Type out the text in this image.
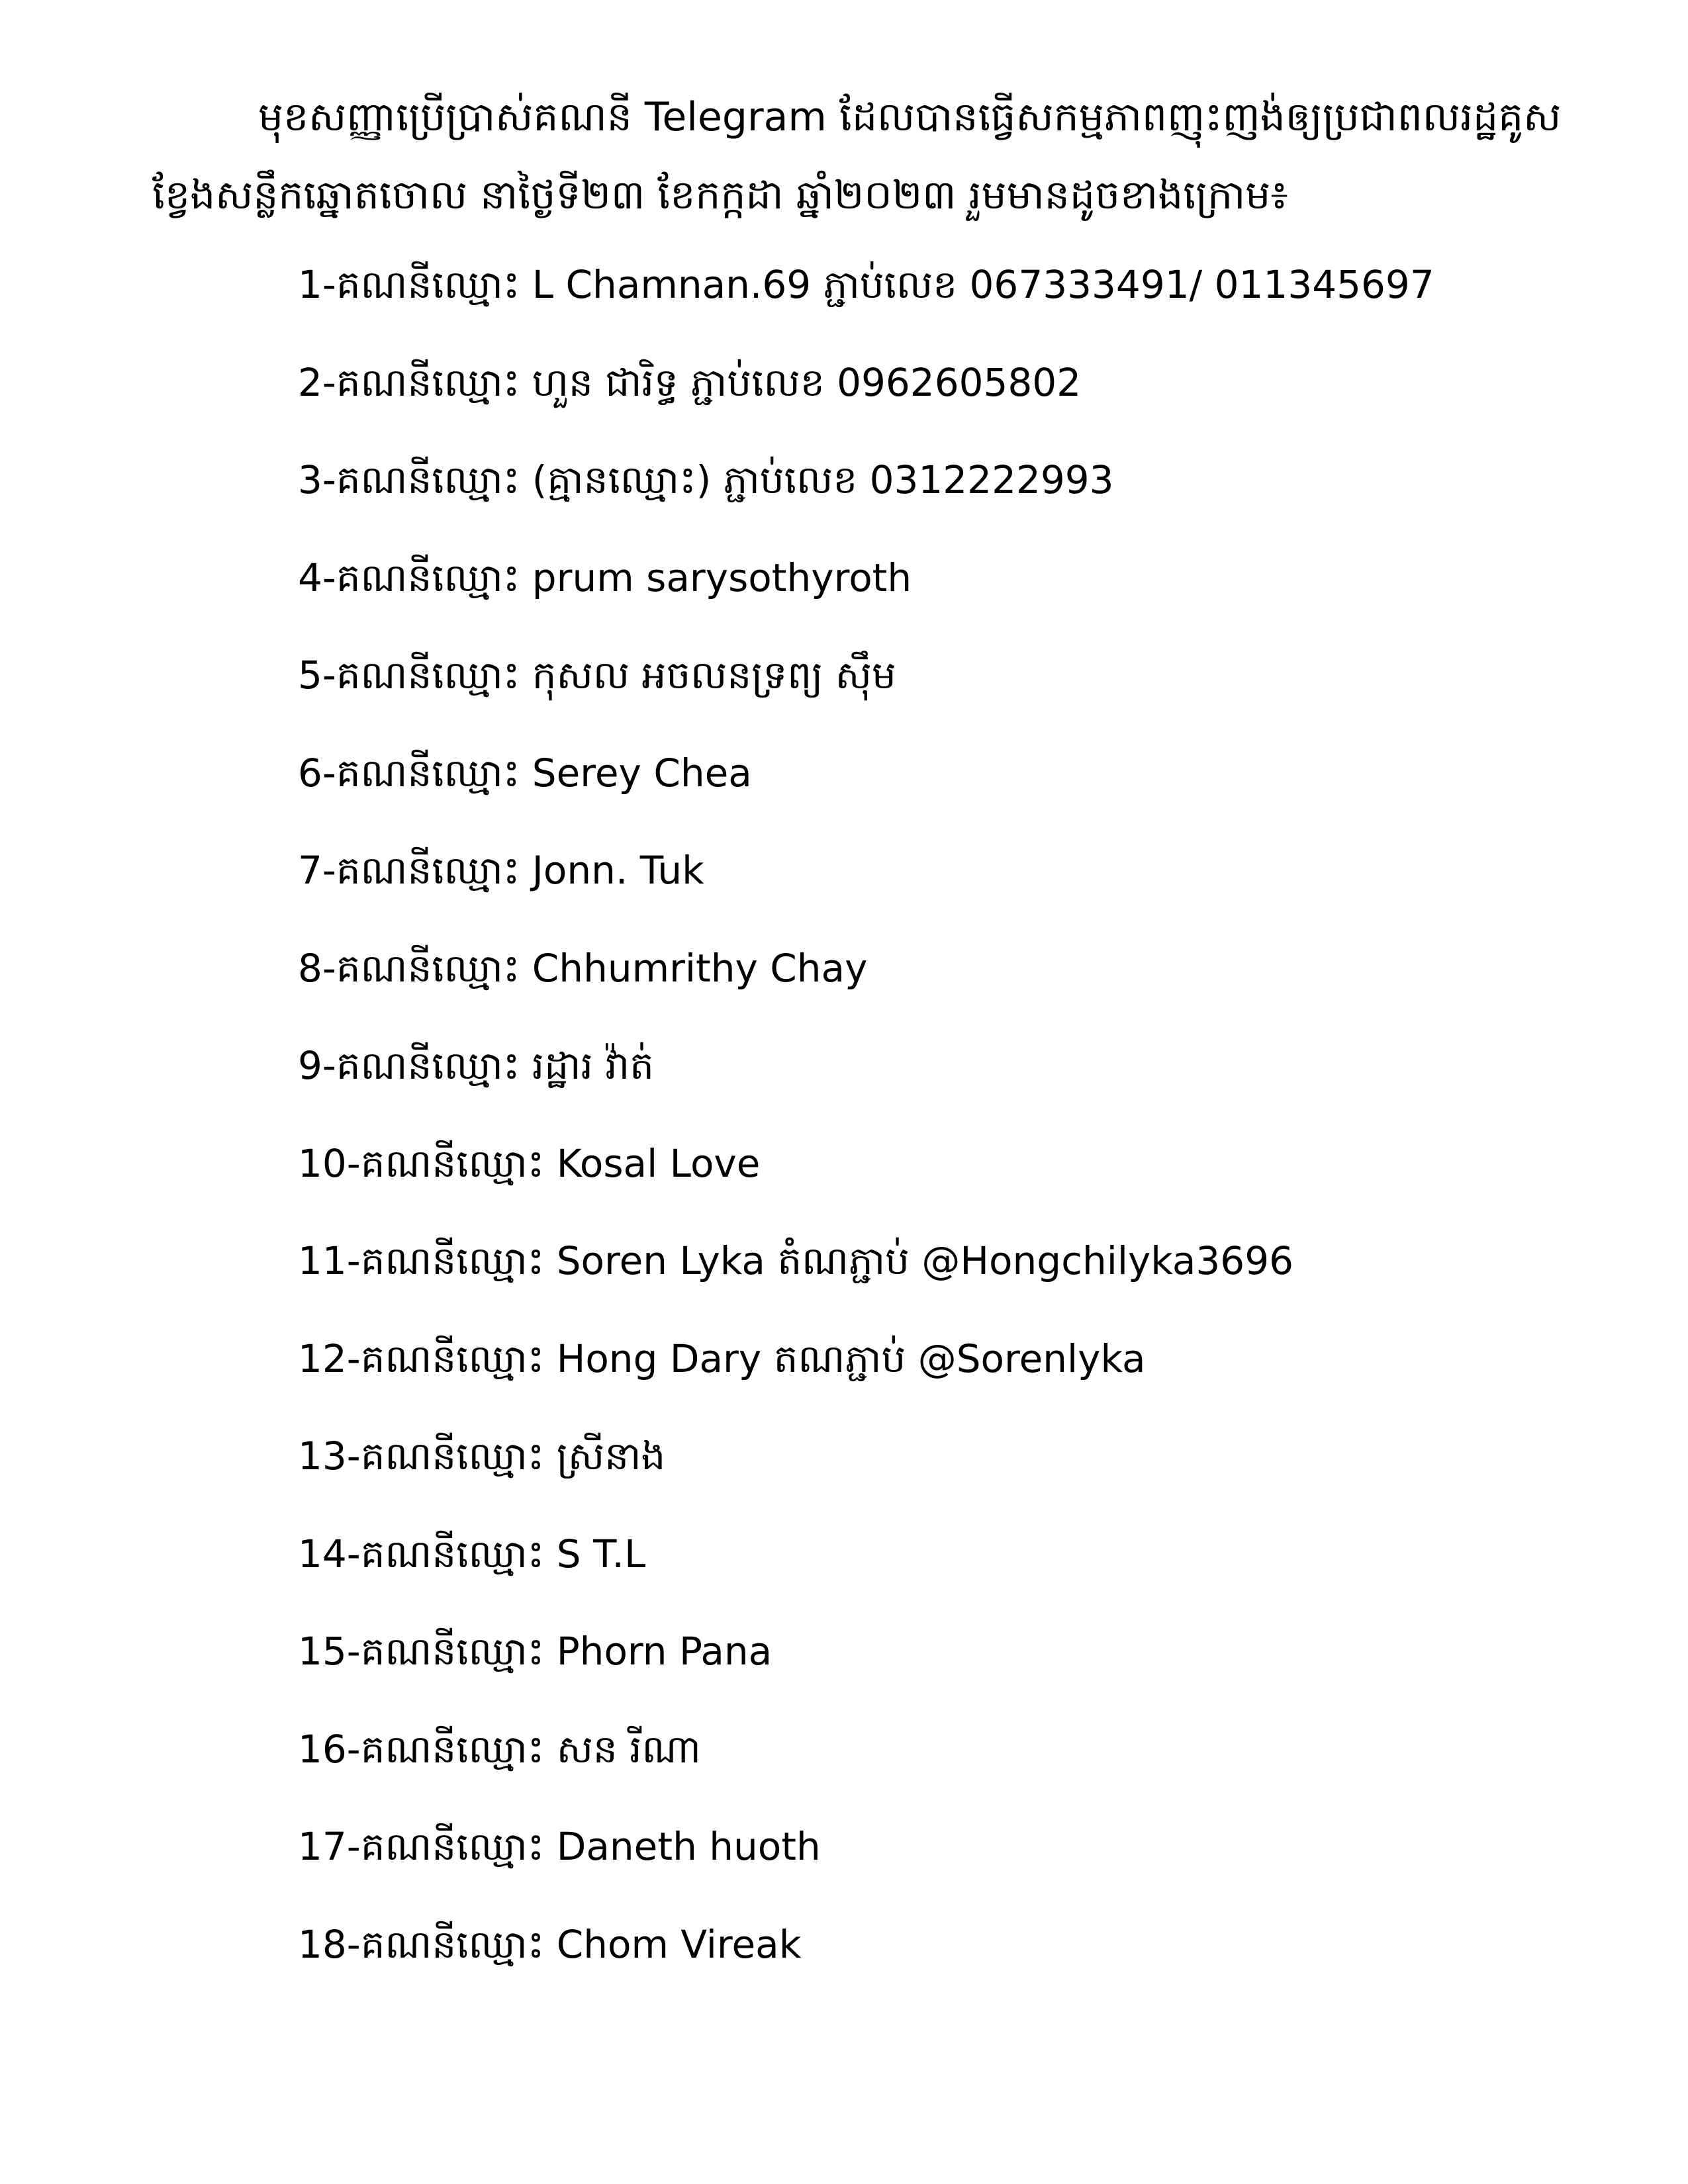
មុខសញ្ញាប្រើប្រាស់គណនី Telegram ដែលបានធ្វើសកម្មភាពញុះញង់ឲ្យប្រជាពលរដ្ឋគូស
ខ្វែងសន្លឹកឆ្នោតចោល នាថ្ងៃទី២៣ ខែកក្កដា ឆ្នាំ២០២៣ រួមមានដូចខាងក្រោម៖

1-គណនីឈ្មោះ L Chamnan.69 ភ្ជាប់លេខ 067333491/ 011345697
2-គណនីឈ្មោះ ហួន ជារិទ្ធ ភ្ជាប់លេខ 0962605802
3-គណនីឈ្មោះ (គ្មានឈ្មោះ) ភ្ជាប់លេខ 0312222993
4-គណនីឈ្មោះ prum sarysothyroth
5-គណនីឈ្មោះ កុសល អចលនទ្រព្យ ស៊ឹម
6-គណនីឈ្មោះ Serey Chea
7-គណនីឈ្មោះ Jonn. Tuk
8-គណនីឈ្មោះ Chhumrithy Chay
9-គណនីឈ្មោះ រដ្ឋារ វ៉ាត់
10-គណនីឈ្មោះ Kosal Love
11-គណនីឈ្មោះ Soren Lyka តំណភ្ជាប់ @Hongchilyka3696
12-គណនីឈ្មោះ Hong Dary តណភ្ជាប់ @Sorenlyka
13-គណនីឈ្មោះ ស្រីនាង
14-គណនីឈ្មោះ S T.L
15-គណនីឈ្មោះ Phorn Pana
16-គណនីឈ្មោះ សន រីណា
17-គណនីឈ្មោះ Daneth huoth
18-គណនីឈ្មោះ Chom Vireak
